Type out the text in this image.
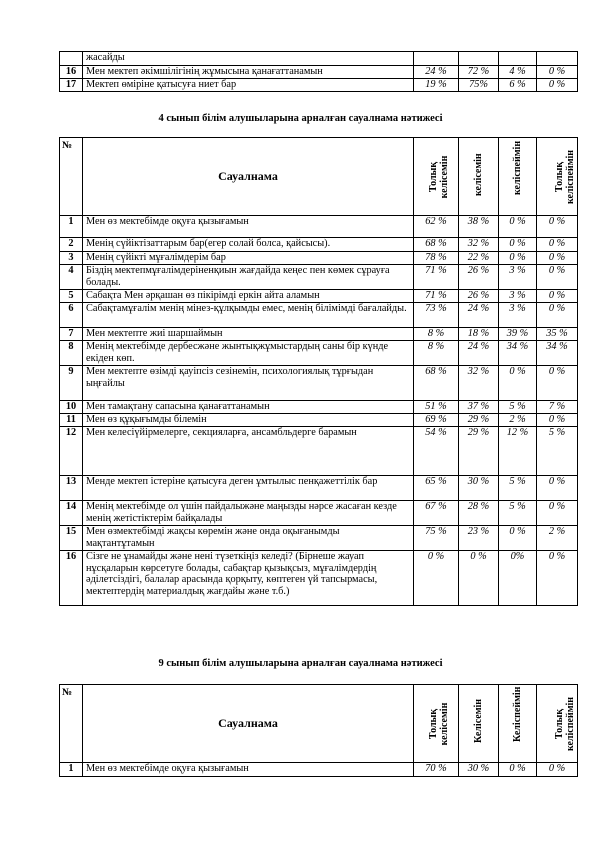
	жасайды				
16	Мен мектеп әкімшілігінің жұмысына қанағаттанамын	24 %	72 %	4 %	0 %
17	Мектеп өміріне қатысуға ниет бар	19 %	75%	6 %	0 %
4 сынып білім алушыларына арналған сауалнама нәтижесі
№	Сауалнама	Толық келісемін	келісемін	келіспеймін	Толық келіспеймін

1	Мен өз мектебімде оқуға қызығамын	62 %	38 %	0 %	0 %
2	Менің сүйіктізаттарым бар(егер солай болса, қайсысы).	68 %	32 %	0 %	0 %
3	Менің сүйікті мұғалімдерім бар	78 %	22 %	0 %	0 %
4	Біздің мектепмұғалімдеріненқиын жағдайда кеңес пен көмек сұрауға болады.	71 %	26 %	3 %	0 %
5	Сабақта Мен әрқашан өз пікірімді еркін айта аламын	71 %	26 %	3 %	0 %
6	Сабақтамұғалім менің мінез-құлқымды емес, менің білімімді бағалайды.	73 %	24 %	3 %	0 %
7	Мен мектепте жиі шаршаймын	8 %	18 %	39 %	35 %
8	Менің мектебімде дербесжәне жынтықжұмыстардың саны бір күнде екіден көп.	8 %	24 %	34 %	34 %
9	Мен мектепте өзімді қауіпсіз сезінемін, психологиялық тұрғыдан ыңғайлы	68 %	32 %	0 %	0 %
10	Мен тамақтану сапасына қанағаттанамын	51 %	37 %	5 %	7 %
11	Мен өз құқығымды білемін	69 %	29 %	2 %	0 %
12	Мен келесіүйірмелерге, секцияларға, ансамбльдерге барамын	54 %	29 %	12 %	5 %
13	Менде мектеп істеріне қатысуға деген ұмтылыс пенқажеттілік бар	65 %	30 %	5 %	0 %
14	Менің мектебімде ол үшін пайдалыжәне маңызды нәрсе жасаған кезде менің жетістіктерім байқалады	67 %	28 %	5 %	0 %
15	Мен өзмектебімді жақсы көремін және онда оқығанымды мақтантұтамын	75 %	23 %	0 %	2 %
16	Сізге не ұнамайды және нені түзеткіңіз келеді? (Бірнеше жауап нұсқаларын көрсетуге болады, сабақтар қызықсыз, мұғалімдердің әділетсіздігі, балалар арасында қорқыту, көптеген үй тапсырмасы, мектептердің материалдық жағдайы және т.б.)	0 %	0 %	0%	0 %
9 сынып білім алушыларына арналған сауалнама нәтижесі
№	Сауалнама	Толық келісемін	Келісемін	Келіспеймін	Толық келіспеймін

1	Мен өз мектебімде оқуға қызығамын	70 %	30 %	0 %	0 %
